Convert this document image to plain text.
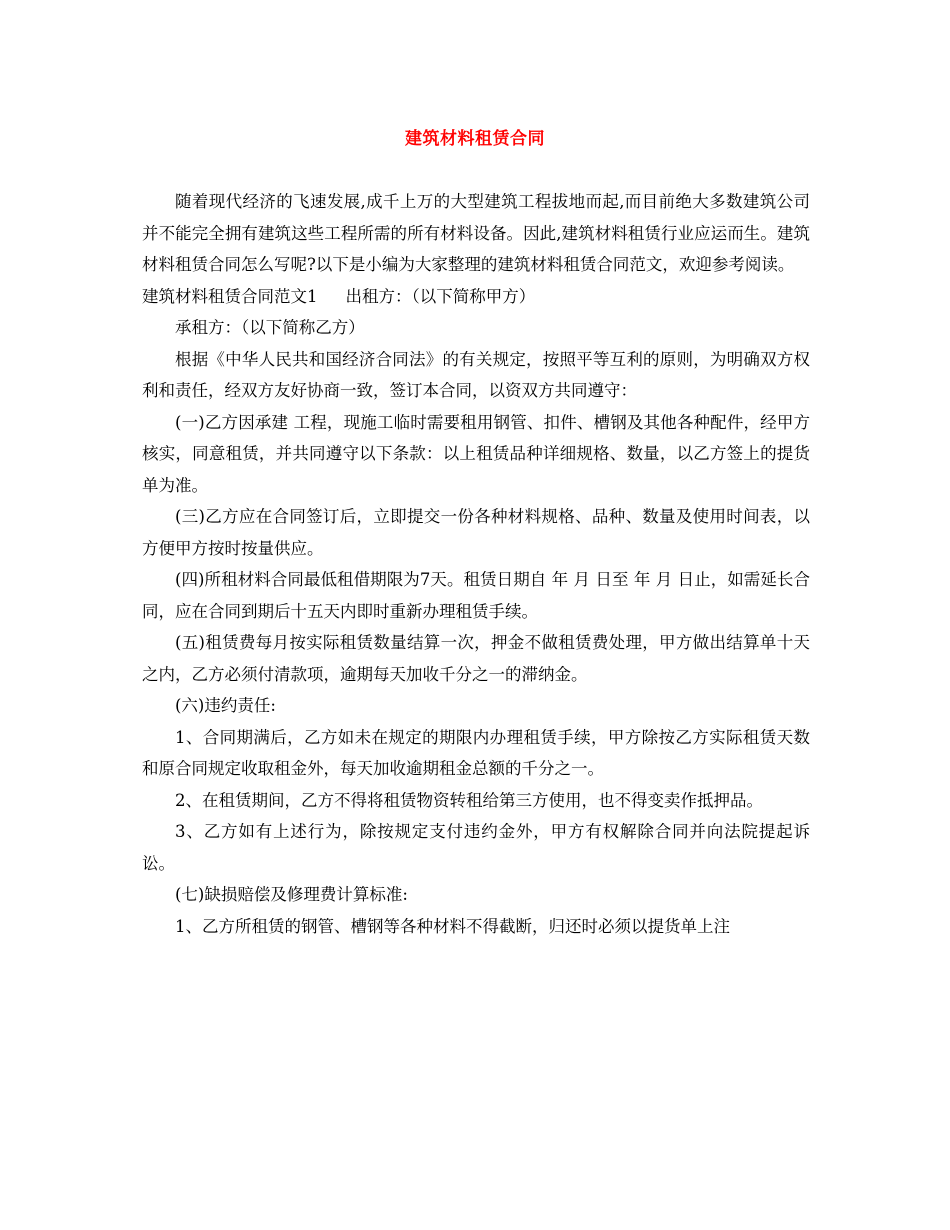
建筑材料租赁合同

随着现代经济的飞速发展,成千上万的大型建筑工程拔地而起,而目前绝大多数建筑公司并不能完全拥有建筑这些工程所需的所有材料设备。因此,建筑材料租赁行业应运而生。建筑材料租赁合同怎么写呢?以下是小编为大家整理的建筑材料租赁合同范文，欢迎参考阅读。

建筑材料租赁合同范文1 出租方：（以下简称甲方）

承租方：（以下简称乙方）

根据《中华人民共和国经济合同法》的有关规定，按照平等互利的原则，为明确双方权利和责任，经双方友好协商一致，签订本合同，以资双方共同遵守：

(一)乙方因承建 工程，现施工临时需要租用钢管、扣件、槽钢及其他各种配件，经甲方核实，同意租赁，并共同遵守以下条款：以上租赁品种详细规格、数量，以乙方签上的提货单为准。

(三)乙方应在合同签订后，立即提交一份各种材料规格、品种、数量及使用时间表，以方便甲方按时按量供应。

(四)所租材料合同最低租借期限为7天。租赁日期自 年 月 日至 年 月 日止，如需延长合同，应在合同到期后十五天内即时重新办理租赁手续。

(五)租赁费每月按实际租赁数量结算一次，押金不做租赁费处理，甲方做出结算单十天之内，乙方必须付清款项，逾期每天加收千分之一的滞纳金。

(六)违约责任:

1、合同期满后，乙方如未在规定的期限内办理租赁手续，甲方除按乙方实际租赁天数和原合同规定收取租金外，每天加收逾期租金总额的千分之一。

2、在租赁期间，乙方不得将租赁物资转租给第三方使用，也不得变卖作抵押品。

3、乙方如有上述行为，除按规定支付违约金外，甲方有权解除合同并向法院提起诉讼。

(七)缺损赔偿及修理费计算标准:

1、乙方所租赁的钢管、槽钢等各种材料不得截断，归还时必须以提货单上注
